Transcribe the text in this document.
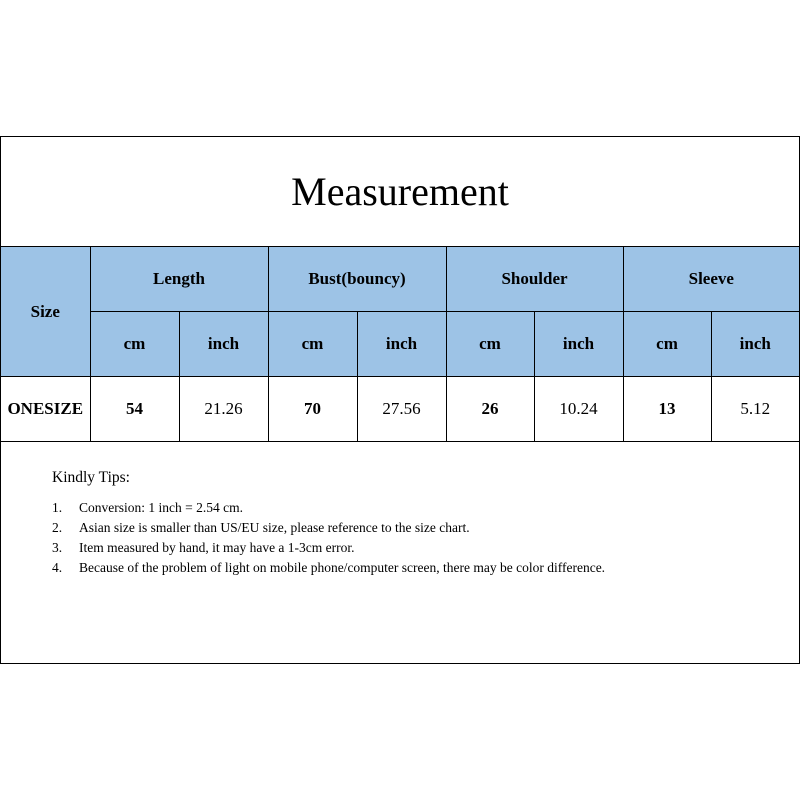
Measurement
Size	Length		Bust(bouncy)		Shoulder		Sleeve	
	cm	inch	cm	inch	cm	inch	cm	inch
ONESIZE	54	21.26	70	27.56	26	10.24	13	5.12
Kindly Tips:
1.	Conversion: 1 inch = 2.54 cm.
2.	Asian size is smaller than US/EU size, please reference to the size chart.
3.	Item measured by hand, it may have a 1-3cm error.
4.	Because of the problem of light on mobile phone/computer screen, there may be color difference.
